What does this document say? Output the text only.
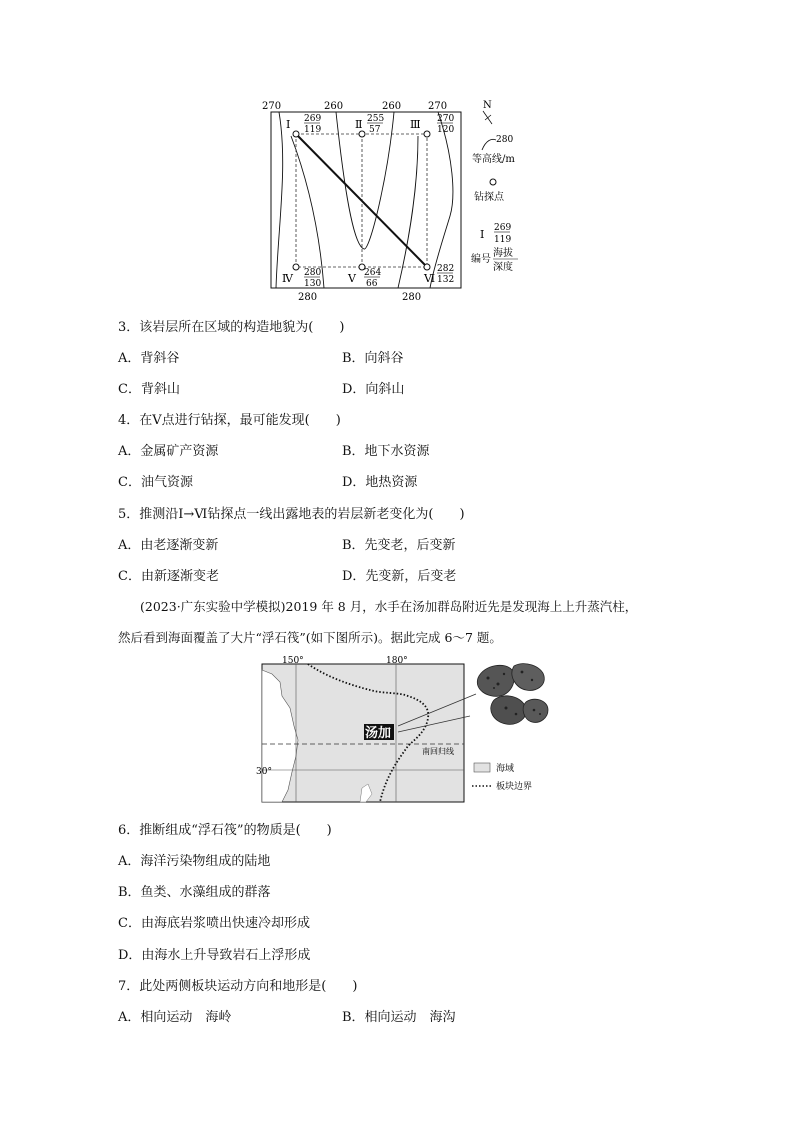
270	260	260	270
280	280
Ⅰ 269
119	Ⅱ 255
57	Ⅲ 270
120
Ⅳ 280
130 Ⅴ 264
66
282
Ⅵ 132
N
280
等高线/m
钻探点
Ⅰ 269
119
编号
海拔
深度
3．该岩层所在区域的构造地貌为(　　)
A．背斜谷	B．向斜谷
C．背斜山	D．向斜山
4．在Ⅴ点进行钻探，最可能发现(　　)
A．金属矿产资源	B．地下水资源
C．油气资源	D．地热资源
5．推测沿Ⅰ→Ⅵ钻探点一线出露地表的岩层新老变化为(　　)
A．由老逐渐变新	B．先变老，后变新
C．由新逐渐变老	D．先变新，后变老
(2023·广东实验中学模拟)2019 年 8 月，水手在汤加群岛附近先是发现海上上升蒸汽柱，
然后看到海面覆盖了大片“浮石筏”(如下图所示)。据此完成 6～7 题。
150°	180°
30°
汤加
南回归线
海域
板块边界
6．推断组成“浮石筏”的物质是(　　)
A．海洋污染物组成的陆地
B．鱼类、水藻组成的群落
C．由海底岩浆喷出快速冷却形成
D．由海水上升导致岩石上浮形成
7．此处两侧板块运动方向和地形是(　　)
A．相向运动　海岭	B．相向运动　海沟
